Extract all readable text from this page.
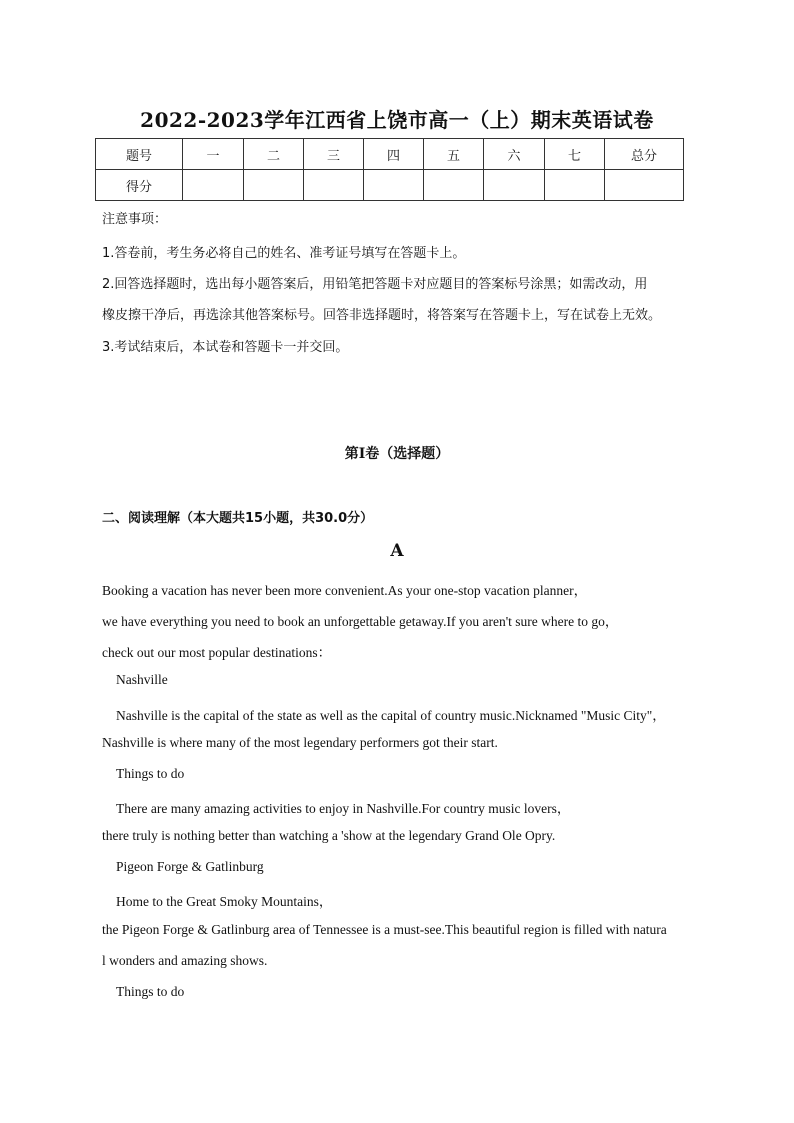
2022-2023学年江西省上饶市高一（上）期末英语试卷
题号	一	二	三	四	五	六	七	总分
得分								
注意事项：
1.答卷前，考生务必将自己的姓名、准考证号填写在答题卡上。
2.回答选择题时，选出每小题答案后，用铅笔把答题卡对应题目的答案标号涂黑；如需改动，用
橡皮擦干净后，再选涂其他答案标号。回答非选择题时，将答案写在答题卡上，写在试卷上无效。
3.考试结束后，本试卷和答题卡一并交回。
第I卷（选择题）
二、阅读理解（本大题共15小题，共30.0分）
A
Booking a vacation has never been more convenient.As your one-stop vacation planner，
we have everything you need to book an unforgettable getaway.If you aren't sure where to go，
check out our most popular destinations：
Nashville
Nashville is the capital of the state as well as the capital of country music.Nicknamed "Music City"，
Nashville is where many of the most legendary performers got their start.
Things to do
There are many amazing activities to enjoy in Nashville.For country music lovers，
there truly is nothing better than watching a 'show at the legendary Grand Ole Opry.
Pigeon Forge & Gatlinburg
Home to the Great Smoky Mountains，
the Pigeon Forge & Gatlinburg area of Tennessee is a must-see.This beautiful region is filled with natura
l wonders and amazing shows.
Things to do
